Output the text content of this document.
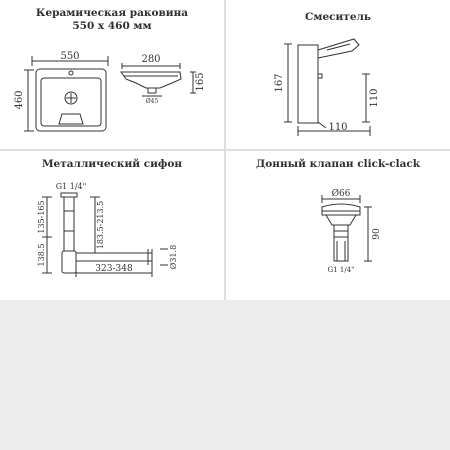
Керамическая раковина
550 х 460 мм
550
460
280
165
Ø45
Смеситель
167
110
110
Металлический сифон
G1 1/4"
135-165
138.5
183.5-213.5
323-348	Ø31.8
Донный клапан click-clack
Ø66
90
G1 1/4"
